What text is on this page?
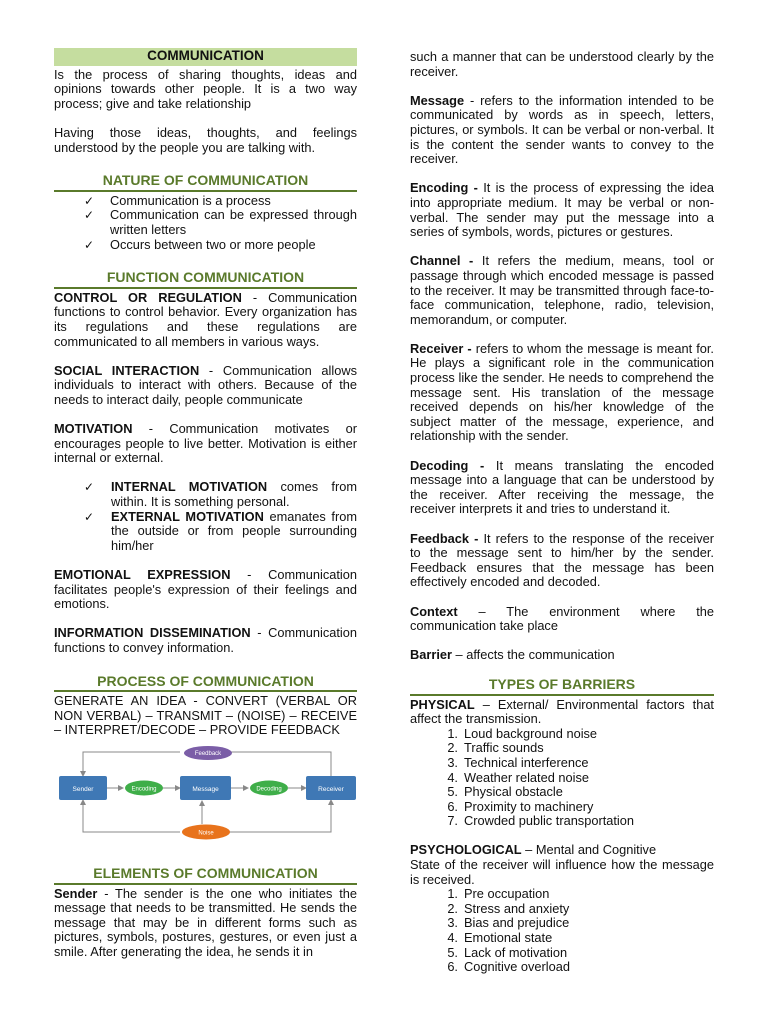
COMMUNICATION

Is the process of sharing thoughts, ideas and opinions towards other people. It is a two way process; give and take relationship

Having those ideas, thoughts, and feelings understood by the people you are talking with.

NATURE OF COMMUNICATION
✓ Communication is a process
✓ Communication can be expressed through written letters
✓ Occurs between two or more people
FUNCTION COMMUNICATION

CONTROL OR REGULATION - Communication functions to control behavior. Every organization has its regulations and these regulations are communicated to all members in various ways.

SOCIAL INTERACTION - Communication allows individuals to interact with others. Because of the needs to interact daily, people communicate

MOTIVATION - Communication motivates or encourages people to live better. Motivation is either internal or external.

✓ INTERNAL MOTIVATION comes from within. It is something personal.
✓ EXTERNAL MOTIVATION emanates from the outside or from people surrounding him/her

EMOTIONAL EXPRESSION - Communication facilitates people's expression of their feelings and emotions.

INFORMATION DISSEMINATION - Communication functions to convey information.

PROCESS OF COMMUNICATION

GENERATE AN IDEA - CONVERT (VERBAL OR NON VERBAL) – TRANSMIT – (NOISE) – RECEIVE – INTERPRET/DECODE – PROVIDE FEEDBACK

Sender	Encoding	Message	Decoding	Receiver
Feedback
Noise
ELEMENTS OF COMMUNICATION

Sender - The sender is the one who initiates the message that needs to be transmitted. He sends the message that may be in different forms such as pictures, symbols, postures, gestures, or even just a smile. After generating the idea, he sends it in

such a manner that can be understood clearly by the receiver.

Message - refers to the information intended to be communicated by words as in speech, letters, pictures, or symbols. It can be verbal or non-verbal. It is the content the sender wants to convey to the receiver.

Encoding - It is the process of expressing the idea into appropriate medium. It may be verbal or non-verbal. The sender may put the message into a series of symbols, words, pictures or gestures.

Channel - It refers the medium, means, tool or passage through which encoded message is passed to the receiver. It may be transmitted through face-to-face communication, telephone, radio, television, memorandum, or computer.

Receiver - refers to whom the message is meant for. He plays a significant role in the communication process like the sender. He needs to comprehend the message sent. His translation of the message received depends on his/her knowledge of the subject matter of the message, experience, and relationship with the sender.

Decoding - It means translating the encoded message into a language that can be understood by the receiver. After receiving the message, the receiver interprets it and tries to understand it.

Feedback - It refers to the response of the receiver to the message sent to him/her by the sender. Feedback ensures that the message has been effectively encoded and decoded.

Context – The environment where the communication take place

Barrier – affects the communication

TYPES OF BARRIERS

PHYSICAL – External/ Environmental factors that affect the transmission.

1. Loud background noise
2. Traffic sounds
3. Technical interference
4. Weather related noise
5. Physical obstacle
6. Proximity to machinery
7. Crowded public transportation

PSYCHOLOGICAL – Mental and Cognitive

State of the receiver will influence how the message is received.

1. Pre occupation
2. Stress and anxiety
3. Bias and prejudice
4. Emotional state
5. Lack of motivation
6. Cognitive overload
